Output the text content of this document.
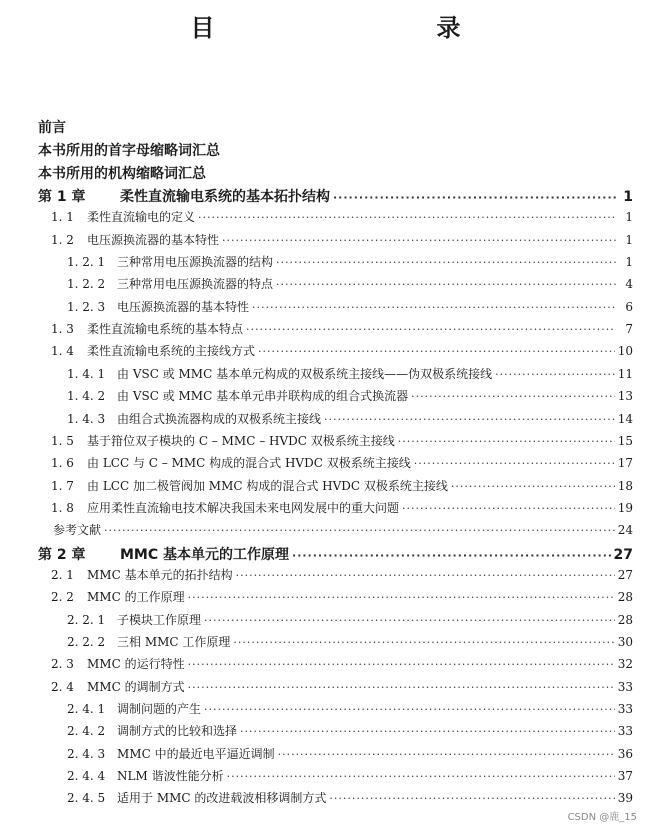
目　　录
前言
本书所用的首字母缩略词汇总
本书所用的机构缩略词汇总
第 1 章	柔性直流输电系统的基本拓扑结构 ·····	1
1. 1	柔性直流输电的定义 ·····	1
1. 2	电压源换流器的基本特性 ·····	1
1. 2. 1 三种常用电压源换流器的结构 ·····	1
1. 2. 2 三种常用电压源换流器的特点 ·····	4
1. 2. 3 电压源换流器的基本特性 ·····	6
1. 3	柔性直流输电系统的基本特点 ·····	7
1. 4	柔性直流输电系统的主接线方式 ·····	10
1. 4. 1 由 VSC 或 MMC 基本单元构成的双极系统主接线——伪双极系统接线 ·····	11
1. 4. 2 由 VSC 或 MMC 基本单元串并联构成的组合式换流器 ·····	13
1. 4. 3 由组合式换流器构成的双极系统主接线 ·····	14
1. 5	基于箝位双子模块的 C – MMC – HVDC 双极系统主接线 ·····	15
1. 6	由 LCC 与 C – MMC 构成的混合式 HVDC 双极系统主接线 ·····	17
1. 7	由 LCC 加二极管阀加 MMC 构成的混合式 HVDC 双极系统主接线 ·····	18
1. 8	应用柔性直流输电技术解决我国未来电网发展中的重大问题 ·····	19
参考文献 ·····	24
第 2 章	MMC 基本单元的工作原理 ·····	27
2. 1	MMC 基本单元的拓扑结构 ·····	27
2. 2	MMC 的工作原理 ·····	28
2. 2. 1 子模块工作原理 ·····	28
2. 2. 2 三相 MMC 工作原理 ·····	30
2. 3	MMC 的运行特性 ·····	32
2. 4	MMC 的调制方式 ·····	33
2. 4. 1 调制问题的产生 ·····	33
2. 4. 2 调制方式的比较和选择 ·····	33
2. 4. 3 MMC 中的最近电平逼近调制 ·····	36
2. 4. 4 NLM 谐波性能分析 ·····	37
2. 4. 5 适用于 MMC 的改进载波相移调制方式 ·····	39
CSDN @鹿_15
